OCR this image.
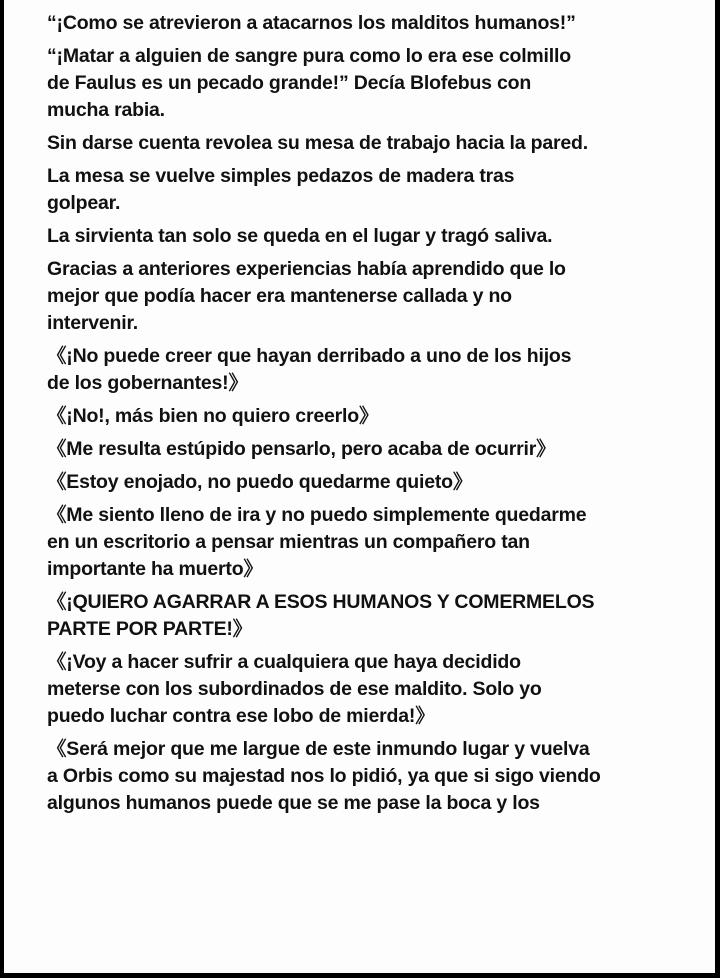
“¡Como se atrevieron a atacarnos los malditos humanos!”
“¡Matar a alguien de sangre pura como lo era ese colmillo
de Faulus es un pecado grande!” Decía Blofebus con
mucha rabia.
Sin darse cuenta revolea su mesa de trabajo hacia la pared.
La mesa se vuelve simples pedazos de madera tras
golpear.
La sirvienta tan solo se queda en el lugar y tragó saliva.
Gracias a anteriores experiencias había aprendido que lo
mejor que podía hacer era mantenerse callada y no
intervenir.
《¡No puede creer que hayan derribado a uno de los hijos
de los gobernantes!》
《¡No!, más bien no quiero creerlo》
《Me resulta estúpido pensarlo, pero acaba de ocurrir》
《Estoy enojado, no puedo quedarme quieto》
《Me siento lleno de ira y no puedo simplemente quedarme
en un escritorio a pensar mientras un compañero tan
importante ha muerto》
《¡QUIERO AGARRAR A ESOS HUMANOS Y COMERMELOS
PARTE POR PARTE!》
《¡Voy a hacer sufrir a cualquiera que haya decidido
meterse con los subordinados de ese maldito. Solo yo
puedo luchar contra ese lobo de mierda!》
《Será mejor que me largue de este inmundo lugar y vuelva
a Orbis como su majestad nos lo pidió, ya que si sigo viendo
algunos humanos puede que se me pase la boca y los
